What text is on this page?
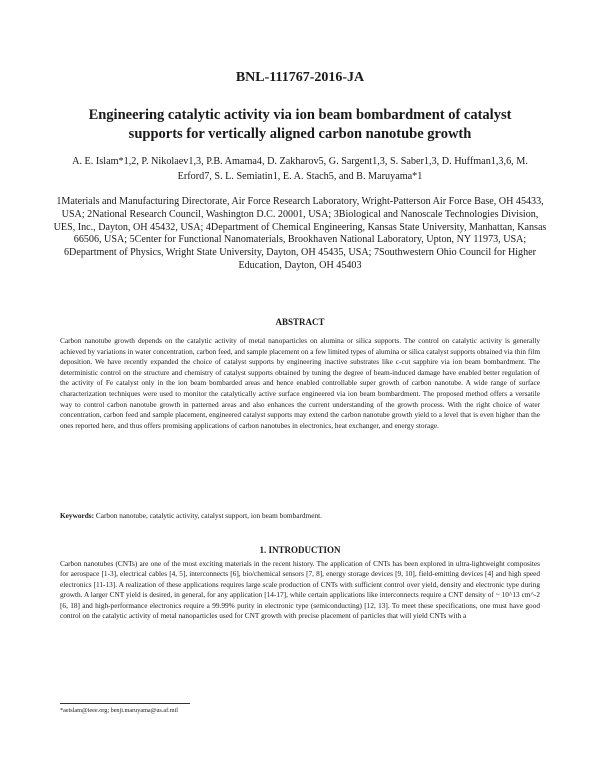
BNL-111767-2016-JA
Engineering catalytic activity via ion beam bombardment of catalyst supports for vertically aligned carbon nanotube growth
A. E. Islam*1,2, P. Nikolaev1,3, P.B. Amama4, D. Zakharov5, G. Sargent1,3, S. Saber1,3, D. Huffman1,3,6, M. Erford7, S. L. Semiatin1, E. A. Stach5, and B. Maruyama*1
1Materials and Manufacturing Directorate, Air Force Research Laboratory, Wright-Patterson Air Force Base, OH 45433, USA; 2National Research Council, Washington D.C. 20001, USA; 3Biological and Nanoscale Technologies Division, UES, Inc., Dayton, OH 45432, USA; 4Department of Chemical Engineering, Kansas State University, Manhattan, Kansas 66506, USA; 5Center for Functional Nanomaterials, Brookhaven National Laboratory, Upton, NY 11973, USA; 6Department of Physics, Wright State University, Dayton, OH 45435, USA; 7Southwestern Ohio Council for Higher Education, Dayton, OH 45403
ABSTRACT
Carbon nanotube growth depends on the catalytic activity of metal nanoparticles on alumina or silica supports. The control on catalytic activity is generally achieved by variations in water concentration, carbon feed, and sample placement on a few limited types of alumina or silica catalyst supports obtained via thin film deposition. We have recently expanded the choice of catalyst supports by engineering inactive substrates like c-cut sapphire via ion beam bombardment. The deterministic control on the structure and chemistry of catalyst supports obtained by tuning the degree of beam-induced damage have enabled better regulation of the activity of Fe catalyst only in the ion beam bombarded areas and hence enabled controllable super growth of carbon nanotube. A wide range of surface characterization techniques were used to monitor the catalytically active surface engineered via ion beam bombardment. The proposed method offers a versatile way to control carbon nanotube growth in patterned areas and also enhances the current understanding of the growth process. With the right choice of water concentration, carbon feed and sample placement, engineered catalyst supports may extend the carbon nanotube growth yield to a level that is even higher than the ones reported here, and thus offers promising applications of carbon nanotubes in electronics, heat exchanger, and energy storage.
Keywords: Carbon nanotube, catalytic activity, catalyst support, ion beam bombardment.
1. INTRODUCTION
Carbon nanotubes (CNTs) are one of the most exciting materials in the recent history. The application of CNTs has been explored in ultra-lightweight composites for aerospace [1-3], electrical cables [4, 5], interconnects [6], bio/chemical sensors [7, 8], energy storage devices [9, 10], field-emitting devices [4] and high speed electronics [11-13]. A realization of these applications requires large scale production of CNTs with sufficient control over yield, density and electronic type during growth. A larger CNT yield is desired, in general, for any application [14-17], while certain applications like interconnects require a CNT density of ~ 10^13 cm^-2 [6, 18] and high-performance electronics require a 99.99% purity in electronic type (semiconducting) [12, 13]. To meet these specifications, one must have good control on the catalytic activity of metal nanoparticles used for CNT growth with precise placement of particles that will yield CNTs with a
*aeislam@ieee.org; benji.maruyama@us.af.mil
